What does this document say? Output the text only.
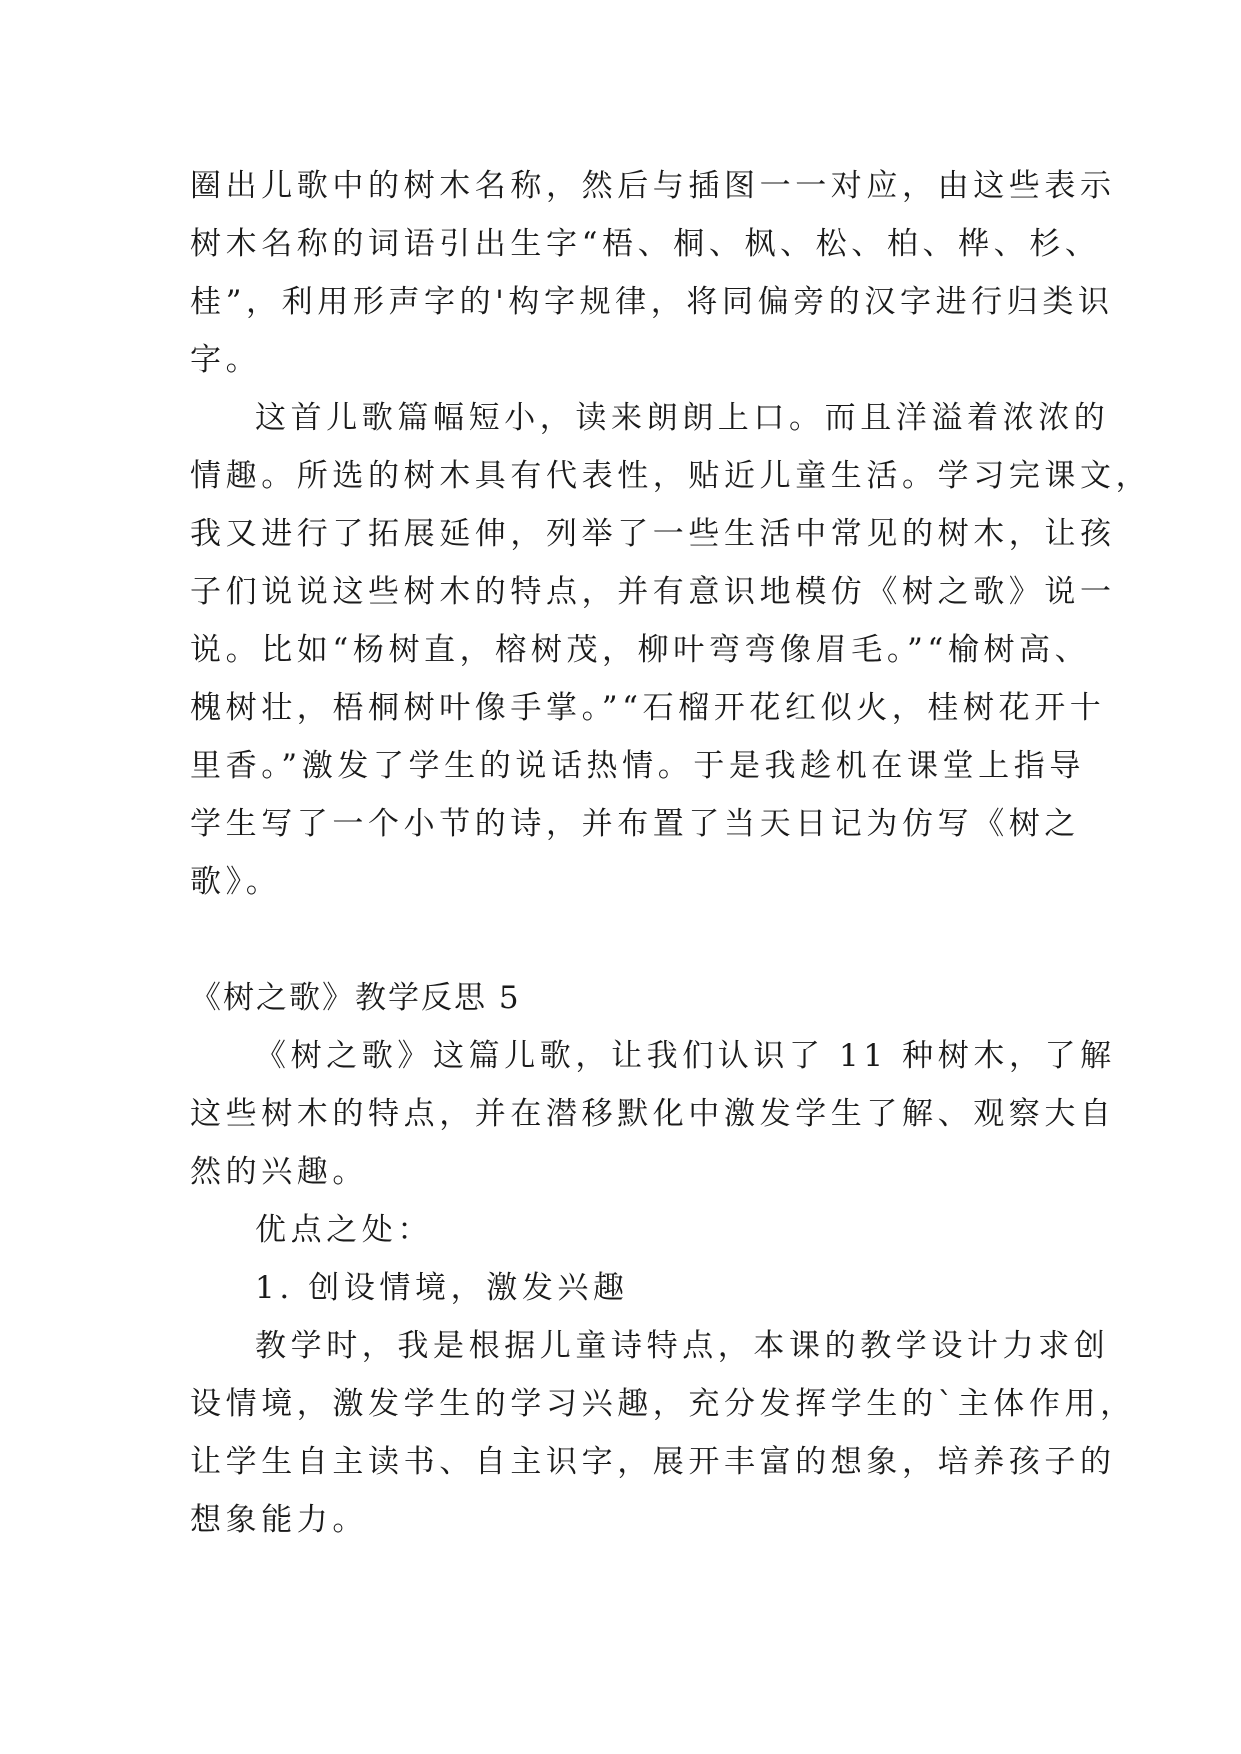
圈出儿歌中的树木名称，然后与插图一一对应，由这些表示
树木名称的词语引出生字“梧、桐、枫、松、柏、桦、杉、
桂”，利用形声字的'构字规律，将同偏旁的汉字进行归类识
字。
这首儿歌篇幅短小，读来朗朗上口。而且洋溢着浓浓的
情趣。所选的树木具有代表性，贴近儿童生活。学习完课文，
我又进行了拓展延伸，列举了一些生活中常见的树木，让孩
子们说说这些树木的特点，并有意识地模仿《树之歌》说一
说。比如“杨树直，榕树茂，柳叶弯弯像眉毛。”“榆树高、
槐树壮，梧桐树叶像手掌。”“石榴开花红似火，桂树花开十
里香。”激发了学生的说话热情。于是我趁机在课堂上指导
学生写了一个小节的诗，并布置了当天日记为仿写《树之
歌》。
《树之歌》教学反思 5
《树之歌》这篇儿歌，让我们认识了 11 种树木，了解
这些树木的特点，并在潜移默化中激发学生了解、观察大自
然的兴趣。
优点之处：
1. 创设情境，激发兴趣
教学时，我是根据儿童诗特点，本课的教学设计力求创
设情境，激发学生的学习兴趣，充分发挥学生的`主体作用，
让学生自主读书、自主识字，展开丰富的想象，培养孩子的
想象能力。
